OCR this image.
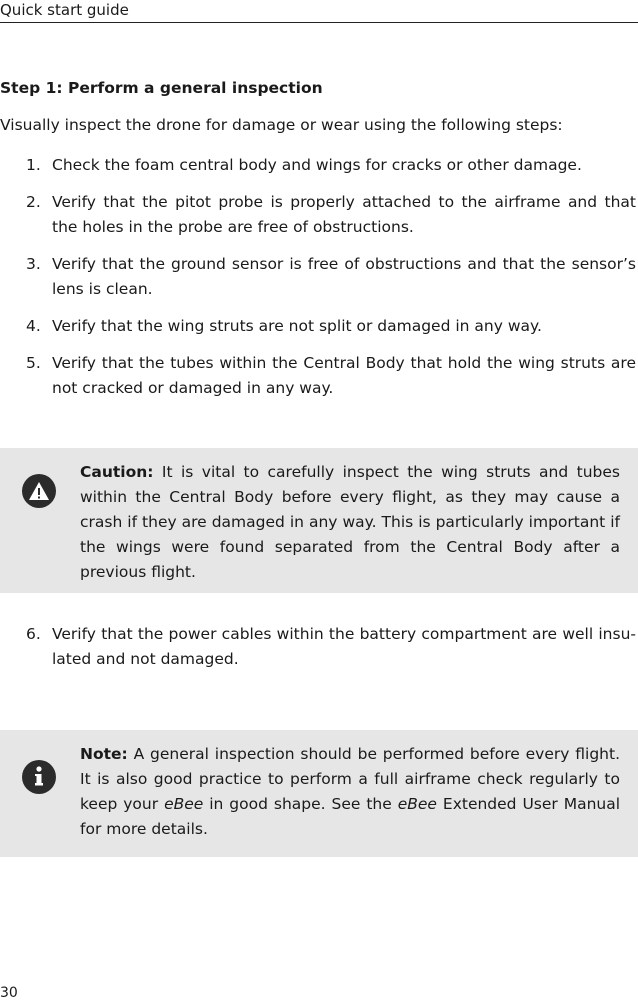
Quick start guide
Step 1: Perform a general inspection

Visually inspect the drone for damage or wear using the following steps:

1. Check the foam central body and wings for cracks or other damage.
2. Verify that the pitot probe is properly attached to the airframe and that the holes in the probe are free of obstructions.
3. Verify that the ground sensor is free of obstructions and that the sensor’s lens is clean.
4. Verify that the wing struts are not split or damaged in any way.
5. Verify that the tubes within the Central Body that hold the wing struts are not cracked or damaged in any way.
Caution: It is vital to carefully inspect the wing struts and tubes within the Central Body before every flight, as they may cause a crash if they are damaged in any way. This is particularly important if the wings were found separated from the Central Body after a previous flight.
6. Verify that the power cables within the battery compartment are well insu-lated and not damaged.
Note: A general inspection should be performed before every flight. It is also good practice to perform a full airframe check regularly to keep your eBee in good shape. See the eBee Extended User Manual for more details.
30
